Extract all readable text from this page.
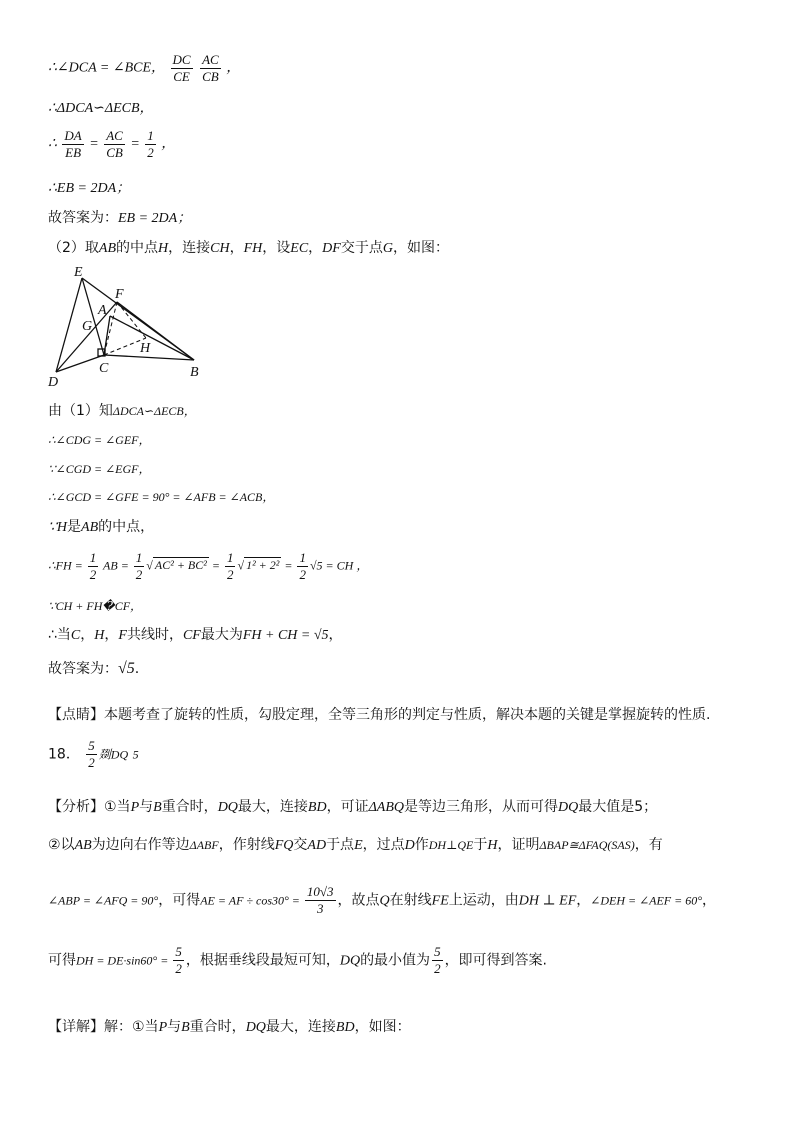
∴∠DCA = ∠BCE， $\frac{DC}{CE}$
$\frac{AC}{CB}$ ，
∴ΔDCA∽ΔECB，
∴ $\frac{DA}{EB} = \frac{AC}{CB} = \frac{1}{2}$ ，
∴EB = 2DA；
故答案为：EB = 2DA；
（2）取AB的中点H，连接CH，FH，设EC，DF交于点G，如图：
E
F
A
G
H
C
D
B
由（1）知ΔDCA∽ΔECB，
∴∠CDG = ∠GEF，
∵∠CGD = ∠EGF，
∴∠GCD = ∠GFE = 90° = ∠AFB = ∠ACB，
∵H是AB的中点，
∴FH = $\frac{1}{2}$ AB = $\frac{1}{2}$ √ $AC^2 + BC^2 = \frac{1}{2}$ √ $1^2 + 2^2 = \frac{1}{2} √5$ = CH ，
∵CH + FH�CF，
∴当C，H，F共线时，CF最大为FH + CH = √5，
故答案为：√5.
【点睛】本题考查了旋转的性质，勾股定理，全等三角形的判定与性质，解决本题的关键是掌握旋转的性质.
18． $\frac{5}{2}$ 剟DQ 5
【分析】①当P与B重合时，DQ最大，连接BD，可证ΔABQ是等边三角形，从而可得DQ最大值是5；
②以AB为边向右作等边ΔABF，作射线FQ交AD于点E，过点D作DH⊥QE于H，证明ΔBAP≅ΔFAQ(SAS)，有
∠ABP = ∠AFQ = 90°，可得AE = AF ÷ $\cos 30^\circ = \frac{10√3}{3}$ ，故点Q在射线FE上运动，由DH ⊥ EF，∠DEH = ∠AEF = 60°，
可得DH = $DE\cdot\sin 60^\circ = \frac{5}{2}$ ，根据垂线段最短可知，DQ的最小值为 $\frac{5}{2}$ ，即可得到答案.
【详解】解：①当P与B重合时，DQ最大，连接BD，如图：
